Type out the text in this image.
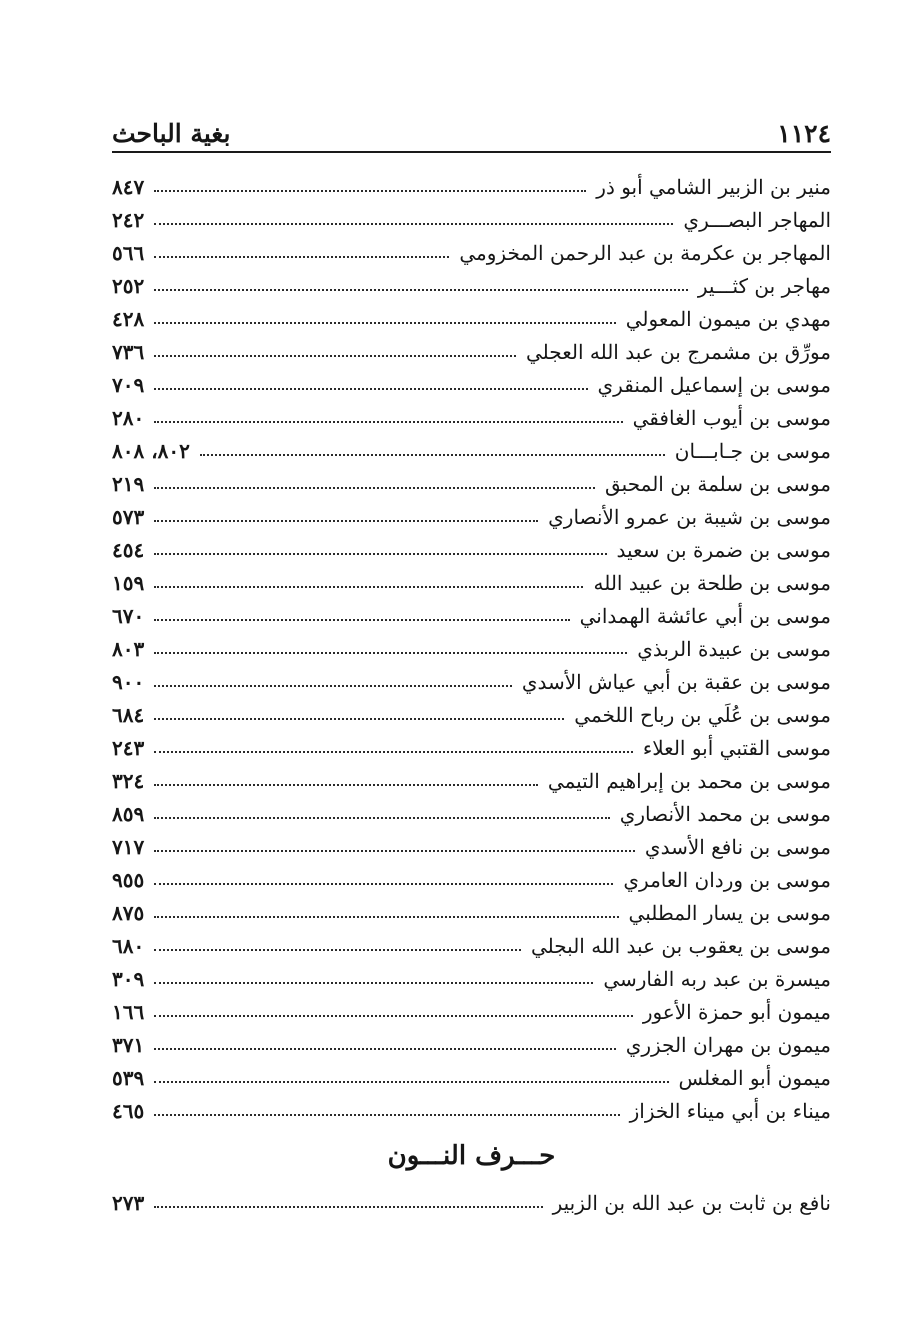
١١٢٤
بغية الباحث
منير بن الزبير الشامي أبو ذر
٨٤٧
المهاجر البصـــري
٢٤٢
المهاجر بن عكرمة بن عبد الرحمن المخزومي
٥٦٦
مهاجر بن كثـــير
٢٥٢
مهدي بن ميمون المعولي
٤٢٨
مورِّق بن مشمرج بن عبد الله العجلي
٧٣٦
موسى بن إسماعيل المنقري
٧٠٩
موسى بن أيوب الغافقي
٢٨٠
موسى بن جـابـــان
٨٠٢، ٨٠٨
موسى بن سلمة بن المحبق
٢١٩
موسى بن شيبة بن عمرو الأنصاري
٥٧٣
موسى بن ضمرة بن سعيد
٤٥٤
موسى بن طلحة بن عبيد الله
١٥٩
موسى بن أبي عائشة الهمداني
٦٧٠
موسى بن عبيدة الربذي
٨٠٣
موسى بن عقبة بن أبي عياش الأسدي
٩٠٠
موسى بن عُلَي بن رباح اللخمي
٦٨٤
موسى القتبي أبو العلاء
٢٤٣
موسى بن محمد بن إبراهيم التيمي
٣٢٤
موسى بن محمد الأنصاري
٨٥٩
موسى بن نافع الأسدي
٧١٧
موسى بن وردان العامري
٩٥٥
موسى بن يسار المطلبي
٨٧٥
موسى بن يعقوب بن عبد الله البجلي
٦٨٠
ميسرة بن عبد ربه الفارسي
٣٠٩
ميمون أبو حمزة الأعور
١٦٦
ميمون بن مهران الجزري
٣٧١
ميمون أبو المغلس
٥٣٩
ميناء بن أبي ميناء الخزاز
٤٦٥
حـــرف النـــون
نافع بن ثابت بن عبد الله بن الزبير
٢٧٣
